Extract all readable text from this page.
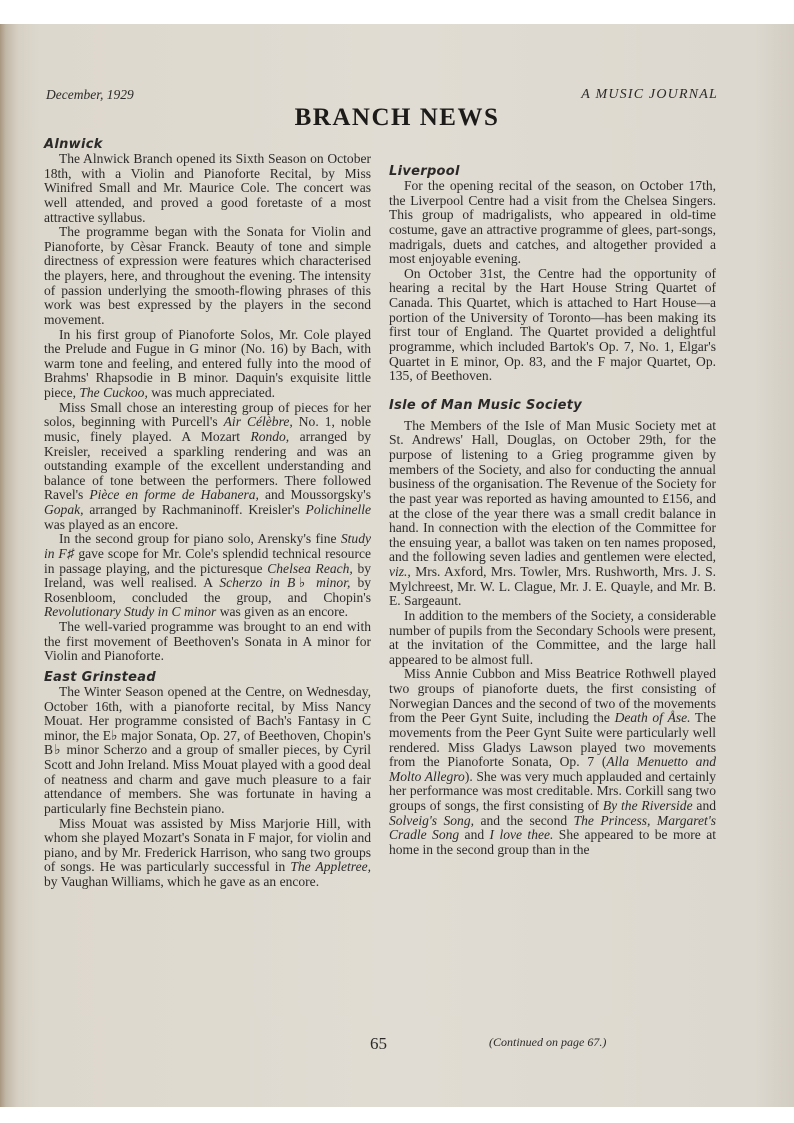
December, 1929	A MUSIC JOURNAL
BRANCH NEWS
Alnwick

The Alnwick Branch opened its Sixth Season on October 18th, with a Violin and Pianoforte Recital, by Miss Winifred Small and Mr. Maurice Cole. The concert was well attended, and proved a good foretaste of a most attractive syllabus.

The programme began with the Sonata for Violin and Pianoforte, by Cèsar Franck. Beauty of tone and simple directness of expression were features which characterised the players, here, and throughout the evening. The intensity of passion underlying the smooth-flowing phrases of this work was best expressed by the players in the second movement.

In his first group of Pianoforte Solos, Mr. Cole played the Prelude and Fugue in G minor (No. 16) by Bach, with warm tone and feeling, and entered fully into the mood of Brahms' Rhapsodie in B minor. Daquin's exquisite little piece, The Cuckoo, was much appreciated.

Miss Small chose an interesting group of pieces for her solos, beginning with Purcell's Air Célèbre, No. 1, noble music, finely played. A Mozart Rondo, arranged by Kreisler, received a sparkling rendering and was an outstanding example of the excellent understanding and balance of tone between the performers. There followed Ravel's Pièce en forme de Habanera, and Moussorgsky's Gopak, arranged by Rachmaninoff. Kreisler's Polichinelle was played as an encore.

In the second group for piano solo, Arensky's fine Study in F♯ gave scope for Mr. Cole's splendid technical resource in passage playing, and the picturesque Chelsea Reach, by Ireland, was well realised. A Scherzo in B♭ minor, by Rosenbloom, concluded the group, and Chopin's Revolutionary Study in C minor was given as an encore.

The well-varied programme was brought to an end with the first movement of Beethoven's Sonata in A minor for Violin and Pianoforte.

East Grinstead

The Winter Season opened at the Centre, on Wednesday, October 16th, with a pianoforte recital, by Miss Nancy Mouat. Her programme consisted of Bach's Fantasy in C minor, the E♭ major Sonata, Op. 27, of Beethoven, Chopin's B♭ minor Scherzo and a group of smaller pieces, by Cyril Scott and John Ireland. Miss Mouat played with a good deal of neatness and charm and gave much pleasure to a fair attendance of members. She was fortunate in having a particularly fine Bechstein piano.

Miss Mouat was assisted by Miss Marjorie Hill, with whom she played Mozart's Sonata in F major, for violin and piano, and by Mr. Frederick Harrison, who sang two groups of songs. He was particularly successful in The Appletree, by Vaughan Williams, which he gave as an encore.

Liverpool

For the opening recital of the season, on October 17th, the Liverpool Centre had a visit from the Chelsea Singers. This group of madrigalists, who appeared in old-time costume, gave an attractive programme of glees, part-songs, madrigals, duets and catches, and altogether provided a most enjoyable evening.

On October 31st, the Centre had the opportunity of hearing a recital by the Hart House String Quartet of Canada. This Quartet, which is attached to Hart House—a portion of the University of Toronto—has been making its first tour of England. The Quartet provided a delightful programme, which included Bartok's Op. 7, No. 1, Elgar's Quartet in E minor, Op. 83, and the F major Quartet, Op. 135, of Beethoven.

Isle of Man Music Society

The Members of the Isle of Man Music Society met at St. Andrews' Hall, Douglas, on October 29th, for the purpose of listening to a Grieg programme given by members of the Society, and also for conducting the annual business of the organisation. The Revenue of the Society for the past year was reported as having amounted to £156, and at the close of the year there was a small credit balance in hand. In connection with the election of the Committee for the ensuing year, a ballot was taken on ten names proposed, and the following seven ladies and gentlemen were elected, viz., Mrs. Axford, Mrs. Towler, Mrs. Rushworth, Mrs. J. S. Mylchreest, Mr. W. L. Clague, Mr. J. E. Quayle, and Mr. B. E. Sargeaunt.

In addition to the members of the Society, a considerable number of pupils from the Secondary Schools were present, at the invitation of the Committee, and the large hall appeared to be almost full.

Miss Annie Cubbon and Miss Beatrice Rothwell played two groups of pianoforte duets, the first consisting of Norwegian Dances and the second of two of the movements from the Peer Gynt Suite, including the Death of Åse. The movements from the Peer Gynt Suite were particularly well rendered. Miss Gladys Lawson played two movements from the Pianoforte Sonata, Op. 7 (Alla Menuetto and Molto Allegro). She was very much applauded and certainly her performance was most creditable. Mrs. Corkill sang two groups of songs, the first consisting of By the Riverside and Solveig's Song, and the second The Princess, Margaret's Cradle Song and I love thee. She appeared to be more at home in the second group than in the

65	(Continued on page 67.)
